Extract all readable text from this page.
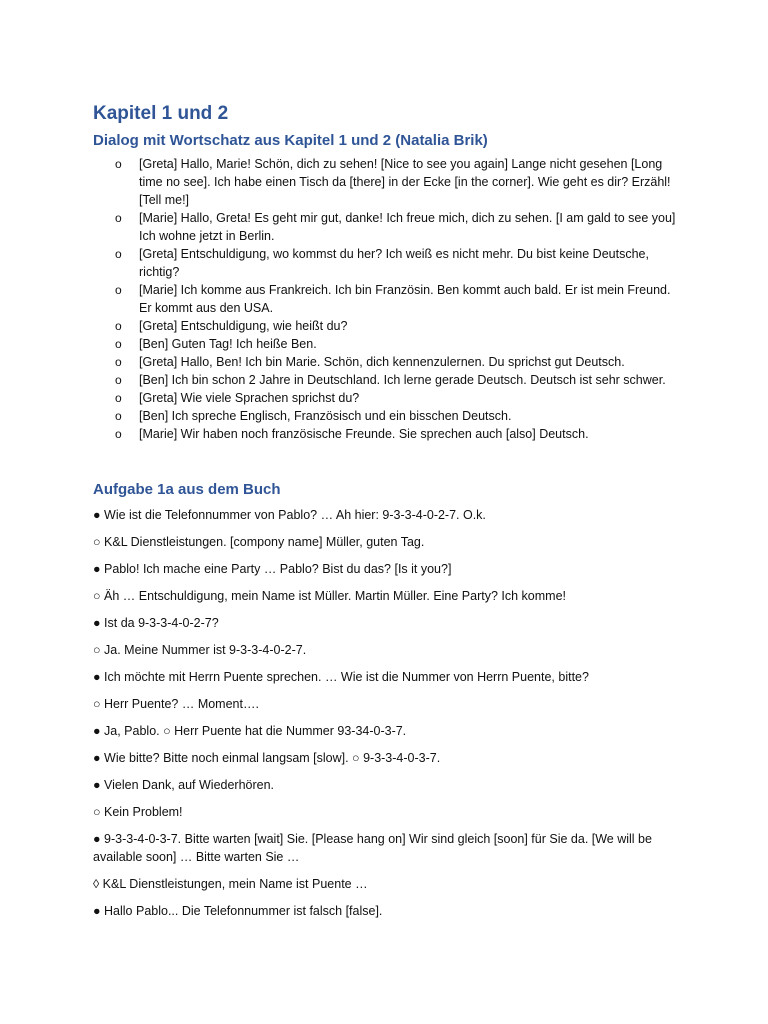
Kapitel 1 und 2
Dialog mit Wortschatz aus Kapitel 1 und 2 (Natalia Brik)
o [Greta] Hallo, Marie! Schön, dich zu sehen! [Nice to see you again] Lange nicht gesehen [Long time no see]. Ich habe einen Tisch da [there] in der Ecke [in the corner]. Wie geht es dir? Erzähl! [Tell me!]
o [Marie] Hallo, Greta! Es geht mir gut, danke! Ich freue mich, dich zu sehen. [I am gald to see you] Ich wohne jetzt in Berlin.
o [Greta] Entschuldigung, wo kommst du her? Ich weiß es nicht mehr. Du bist keine Deutsche, richtig?
o [Marie] Ich komme aus Frankreich. Ich bin Französin. Ben kommt auch bald. Er ist mein Freund. Er kommt aus den USA.
o [Greta] Entschuldigung, wie heißt du?
o [Ben] Guten Tag! Ich heiße Ben.
o [Greta] Hallo, Ben! Ich bin Marie. Schön, dich kennenzulernen. Du sprichst gut Deutsch.
o [Ben] Ich bin schon 2 Jahre in Deutschland. Ich lerne gerade Deutsch. Deutsch ist sehr schwer.
o [Greta] Wie viele Sprachen sprichst du?
o [Ben] Ich spreche Englisch, Französisch und ein bisschen Deutsch.
o [Marie] Wir haben noch französische Freunde. Sie sprechen auch [also] Deutsch.
Aufgabe 1a aus dem Buch

● Wie ist die Telefonnummer von Pablo? … Ah hier: 9-3-3-4-0-2-7. O.k.

○ K&L Dienstleistungen. [compony name] Müller, guten Tag.

● Pablo! Ich mache eine Party … Pablo? Bist du das? [Is it you?]

○ Äh … Entschuldigung, mein Name ist Müller. Martin Müller. Eine Party? Ich komme!

● Ist da 9-3-3-4-0-2-7?

○ Ja. Meine Nummer ist 9-3-3-4-0-2-7.

● Ich möchte mit Herrn Puente sprechen. … Wie ist die Nummer von Herrn Puente, bitte?

○ Herr Puente? … Moment….

● Ja, Pablo. ○ Herr Puente hat die Nummer 93-34-0-3-7.

● Wie bitte? Bitte noch einmal langsam [slow]. ○ 9-3-3-4-0-3-7.

● Vielen Dank, auf Wiederhören.

○ Kein Problem!

● 9-3-3-4-0-3-7. Bitte warten [wait] Sie. [Please hang on] Wir sind gleich [soon] für Sie da. [We will be available soon] … Bitte warten Sie …

◊ K&L Dienstleistungen, mein Name ist Puente …

● Hallo Pablo... Die Telefonnummer ist falsch [false].
